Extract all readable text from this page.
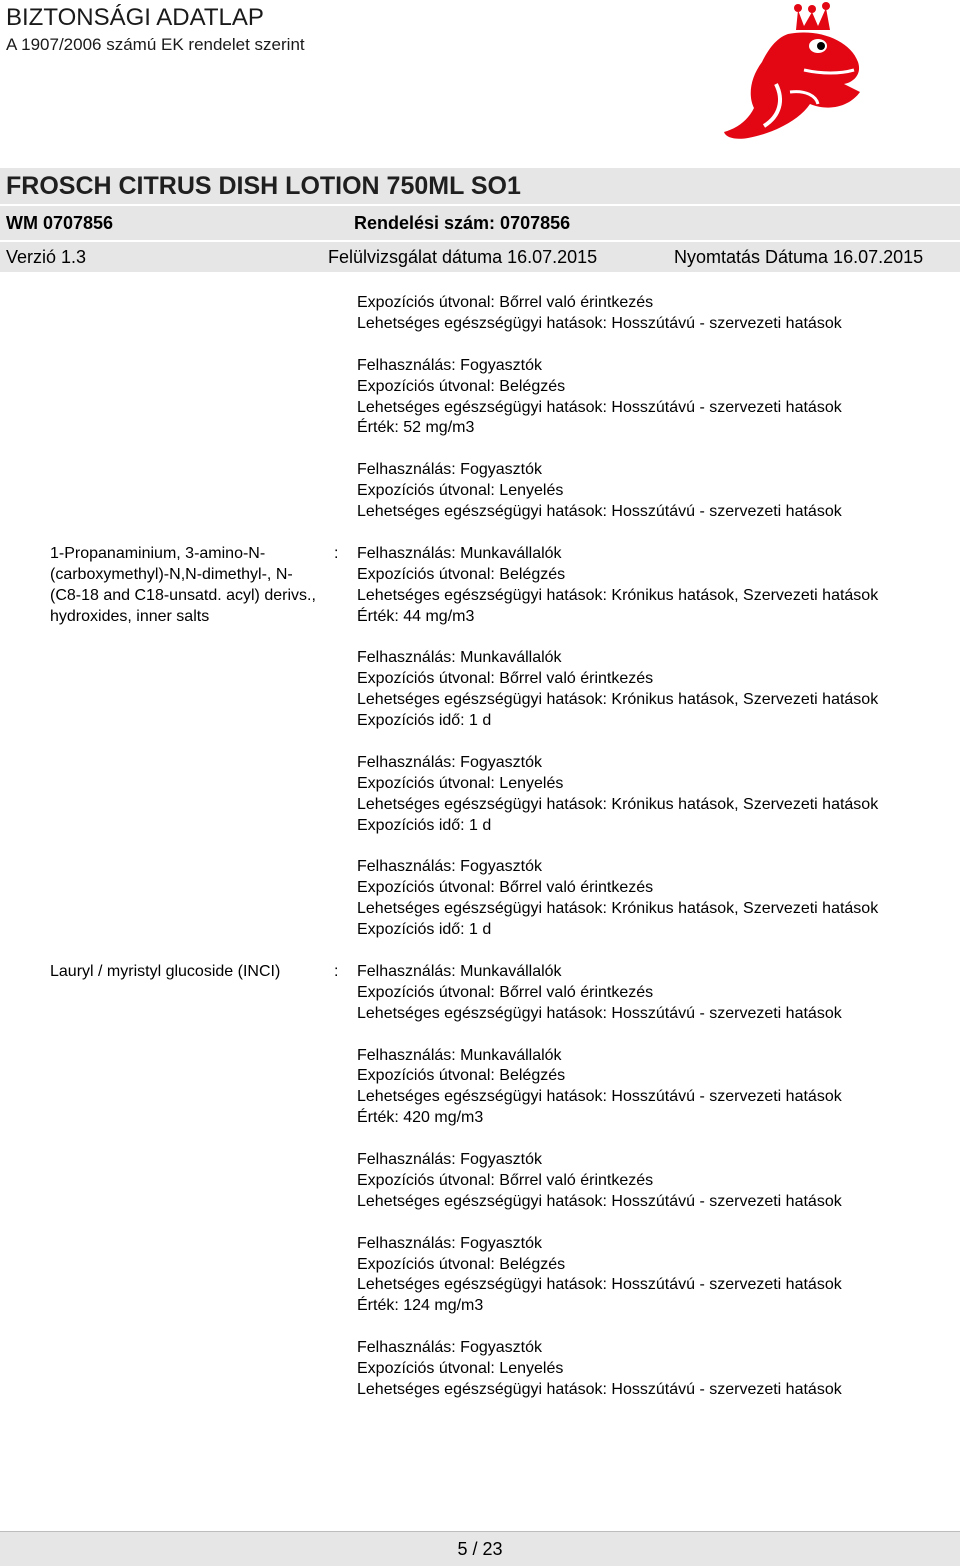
BIZTONSÁGI ADATLAP
A 1907/2006 számú EK rendelet szerint
FROSCH CITRUS DISH LOTION 750ML SO1
WM 0707856	Rendelési szám: 0707856
Verzió 1.3	Felülvizsgálat dátuma 16.07.2015	Nyomtatás Dátuma 16.07.2015
Expozíciós útvonal: Bőrrel való érintkezés
Lehetséges egészségügyi hatások: Hosszútávú - szervezeti hatások
Felhasználás: Fogyasztók
Expozíciós útvonal: Belégzés
Lehetséges egészségügyi hatások: Hosszútávú - szervezeti hatások
Érték: 52 mg/m3
Felhasználás: Fogyasztók
Expozíciós útvonal: Lenyelés
Lehetséges egészségügyi hatások: Hosszútávú - szervezeti hatások
1-Propanaminium, 3-amino-N-(carboxymethyl)-N,N-dimethyl-, N-(C8-18 and C18-unsatd. acyl) derivs., hydroxides, inner salts
: Felhasználás: Munkavállalók
Expozíciós útvonal: Belégzés
Lehetséges egészségügyi hatások: Krónikus hatások, Szervezeti hatások
Érték: 44 mg/m3
Felhasználás: Munkavállalók
Expozíciós útvonal: Bőrrel való érintkezés
Lehetséges egészségügyi hatások: Krónikus hatások, Szervezeti hatások
Expozíciós idő: 1 d
Felhasználás: Fogyasztók
Expozíciós útvonal: Lenyelés
Lehetséges egészségügyi hatások: Krónikus hatások, Szervezeti hatások
Expozíciós idő: 1 d
Felhasználás: Fogyasztók
Expozíciós útvonal: Bőrrel való érintkezés
Lehetséges egészségügyi hatások: Krónikus hatások, Szervezeti hatások
Expozíciós idő: 1 d
Lauryl / myristyl glucoside (INCI)	: Felhasználás: Munkavállalók
Expozíciós útvonal: Bőrrel való érintkezés
Lehetséges egészségügyi hatások: Hosszútávú - szervezeti hatások
Felhasználás: Munkavállalók
Expozíciós útvonal: Belégzés
Lehetséges egészségügyi hatások: Hosszútávú - szervezeti hatások
Érték: 420 mg/m3
Felhasználás: Fogyasztók
Expozíciós útvonal: Bőrrel való érintkezés
Lehetséges egészségügyi hatások: Hosszútávú - szervezeti hatások
Felhasználás: Fogyasztók
Expozíciós útvonal: Belégzés
Lehetséges egészségügyi hatások: Hosszútávú - szervezeti hatások
Érték: 124 mg/m3
Felhasználás: Fogyasztók
Expozíciós útvonal: Lenyelés
Lehetséges egészségügyi hatások: Hosszútávú - szervezeti hatások
5 / 23
